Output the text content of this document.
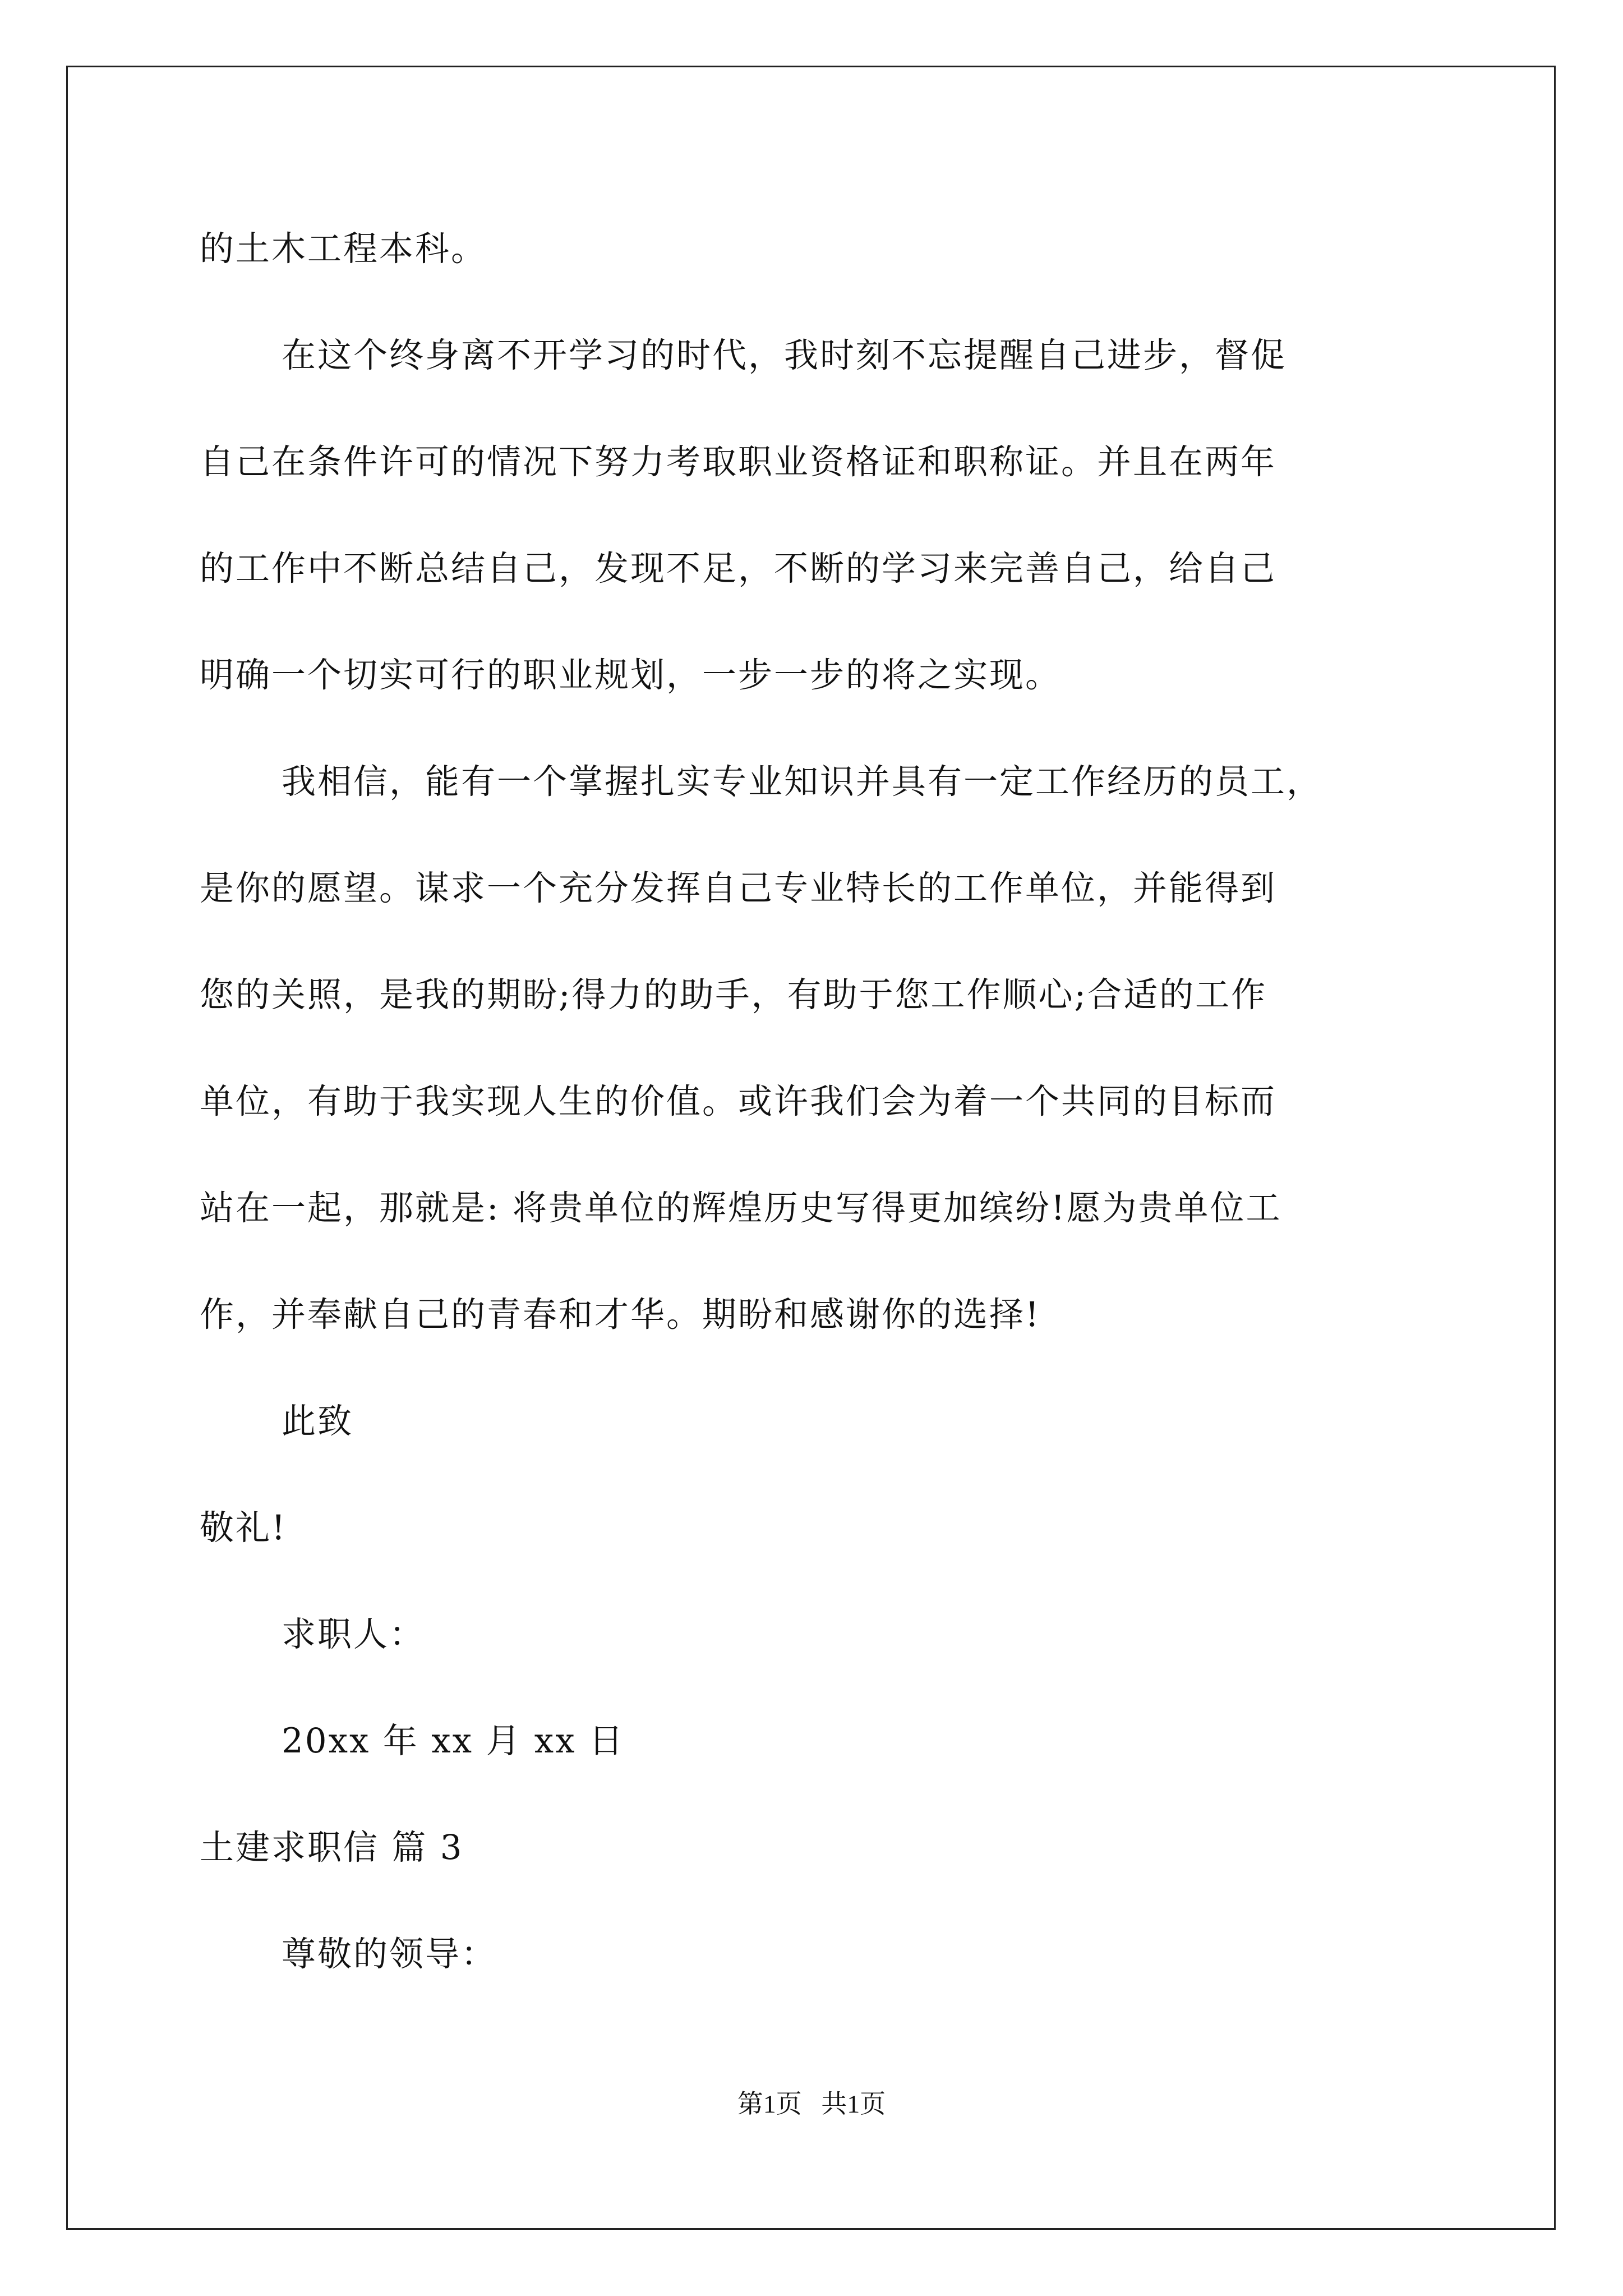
的土木工程本科。
在这个终身离不开学习的时代，我时刻不忘提醒自己进步，督促
自己在条件许可的情况下努力考取职业资格证和职称证。并且在两年
的工作中不断总结自己，发现不足，不断的学习来完善自己，给自己
明确一个切实可行的职业规划，一步一步的将之实现。
我相信，能有一个掌握扎实专业知识并具有一定工作经历的员工，
是你的愿望。谋求一个充分发挥自己专业特长的工作单位，并能得到
您的关照，是我的期盼;得力的助手，有助于您工作顺心;合适的工作
单位，有助于我实现人生的价值。或许我们会为着一个共同的目标而
站在一起，那就是: 将贵单位的辉煌历史写得更加缤纷!愿为贵单位工
作，并奉献自己的青春和才华。期盼和感谢你的选择!
此致
敬礼!
求职人：
20xx 年 xx 月 xx 日
土建求职信 篇 3
尊敬的领导：
第1页   共1页
